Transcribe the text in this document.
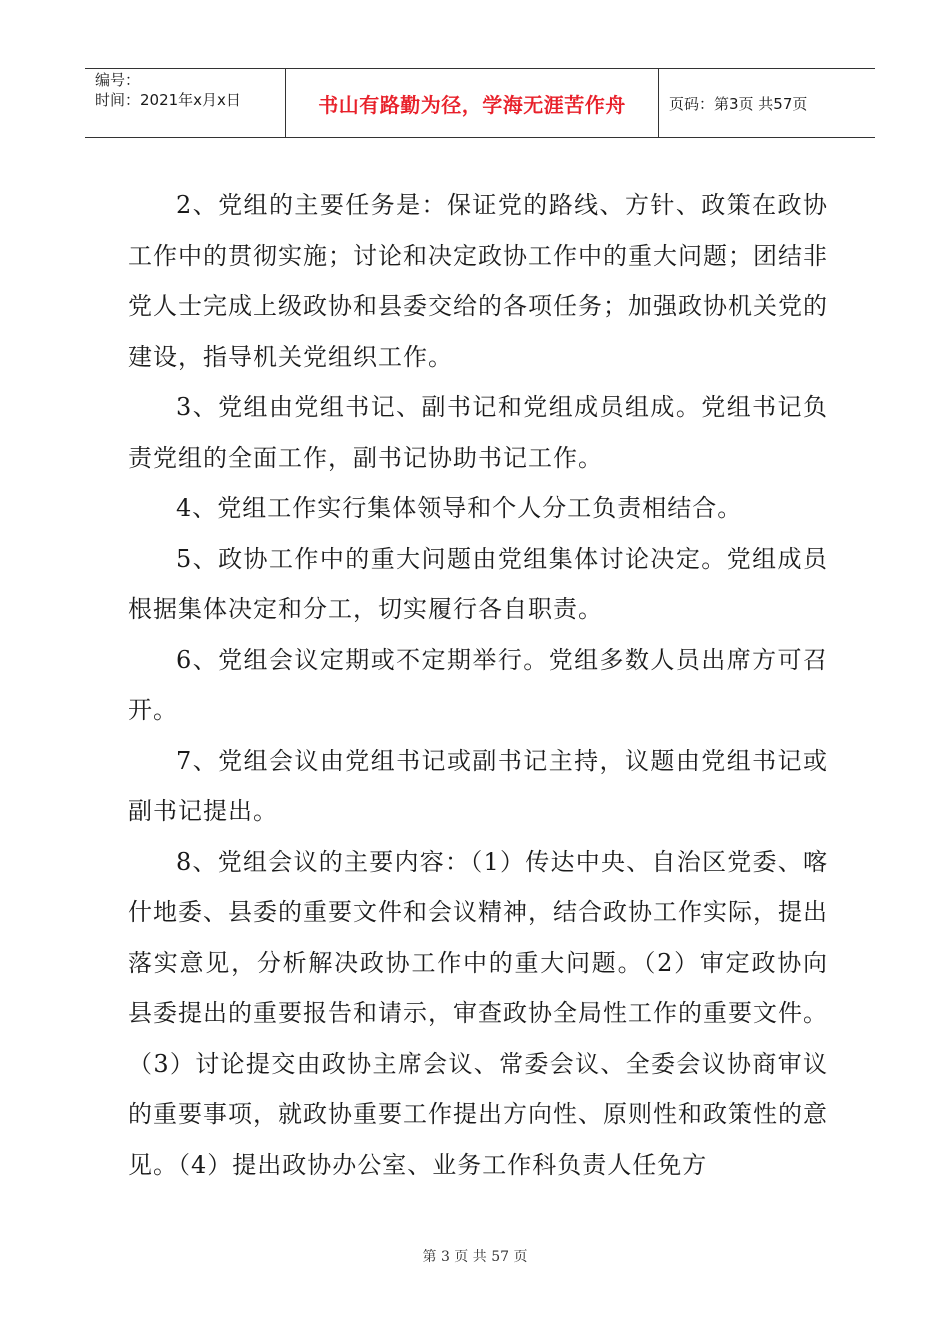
编号：
时间：2021年x月x日	书山有路勤为径，学海无涯苦作舟	页码：第3页 共57页

2、党组的主要任务是：保证党的路线、方针、政策在政协工作中的贯彻实施；讨论和决定政协工作中的重大问题；团结非党人士完成上级政协和县委交给的各项任务；加强政协机关党的建设，指导机关党组织工作。

3、党组由党组书记、副书记和党组成员组成。党组书记负责党组的全面工作，副书记协助书记工作。

4、党组工作实行集体领导和个人分工负责相结合。

5、政协工作中的重大问题由党组集体讨论决定。党组成员根据集体决定和分工，切实履行各自职责。

6、党组会议定期或不定期举行。党组多数人员出席方可召开。

7、党组会议由党组书记或副书记主持，议题由党组书记或副书记提出。

8、党组会议的主要内容：（1）传达中央、自治区党委、喀什地委、县委的重要文件和会议精神，结合政协工作实际，提出落实意见，分析解决政协工作中的重大问题。（2）审定政协向县委提出的重要报告和请示，审查政协全局性工作的重要文件。（3）讨论提交由政协主席会议、常委会议、全委会议协商审议的重要事项，就政协重要工作提出方向性、原则性和政策性的意见。（4）提出政协办公室、业务工作科负责人任免方

第 3 页 共 57 页
